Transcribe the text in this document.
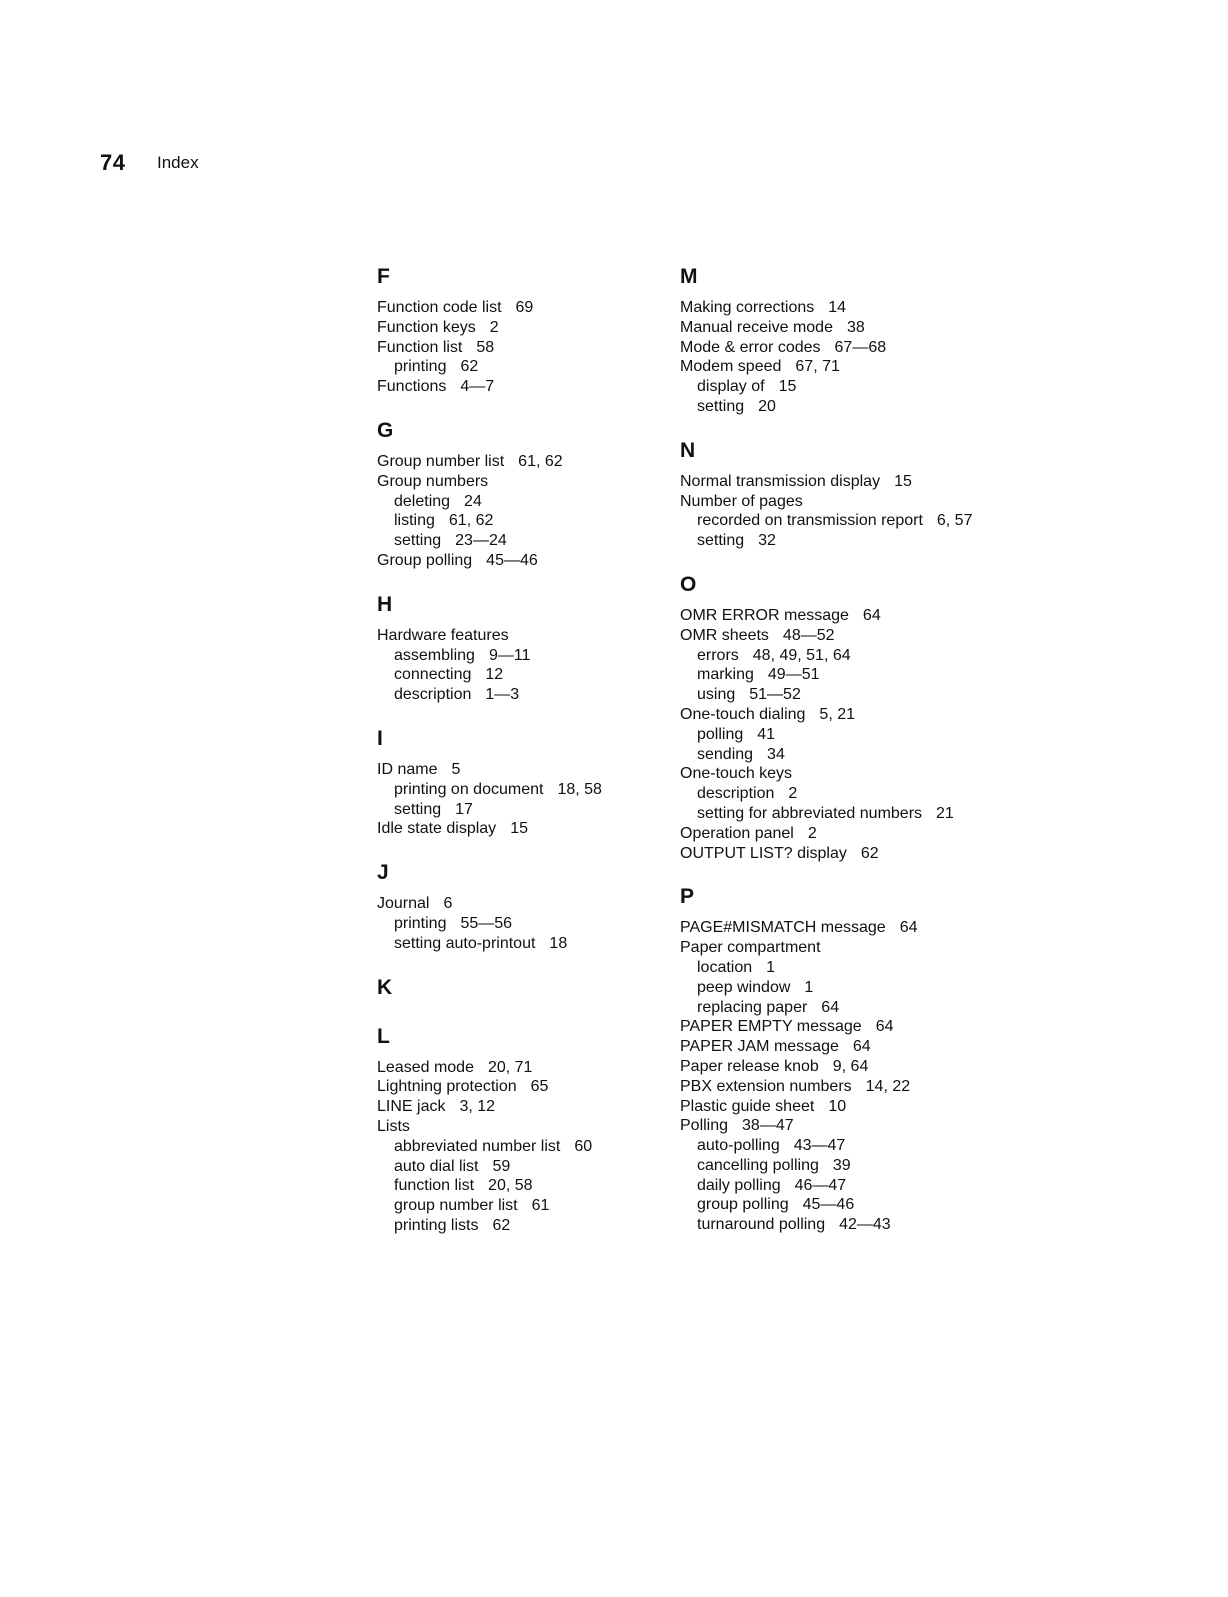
74 Index
F
Function code list 69
Function keys 2
Function list 58
printing 62
Functions 4—7
G
Group number list 61, 62
Group numbers
deleting 24
listing 61, 62
setting 23—24
Group polling 45—46
H
Hardware features
assembling 9—11
connecting 12
description 1—3
I
ID name 5
printing on document 18, 58
setting 17
Idle state display 15
J
Journal 6
printing 55—56
setting auto-printout 18
K
L
Leased mode 20, 71
Lightning protection 65
LINE jack 3, 12
Lists
abbreviated number list 60
auto dial list 59
function list 20, 58
group number list 61
printing lists 62
M
Making corrections 14
Manual receive mode 38
Mode & error codes 67—68
Modem speed 67, 71
display of 15
setting 20
N
Normal transmission display 15
Number of pages
recorded on transmission report 6, 57
setting 32
O
OMR ERROR message 64
OMR sheets 48—52
errors 48, 49, 51, 64
marking 49—51
using 51—52
One-touch dialing 5, 21
polling 41
sending 34
One-touch keys
description 2
setting for abbreviated numbers 21
Operation panel 2
OUTPUT LIST? display 62
P
PAGE#MISMATCH message 64
Paper compartment
location 1
peep window 1
replacing paper 64
PAPER EMPTY message 64
PAPER JAM message 64
Paper release knob 9, 64
PBX extension numbers 14, 22
Plastic guide sheet 10
Polling 38—47
auto-polling 43—47
cancelling polling 39
daily polling 46—47
group polling 45—46
turnaround polling 42—43
